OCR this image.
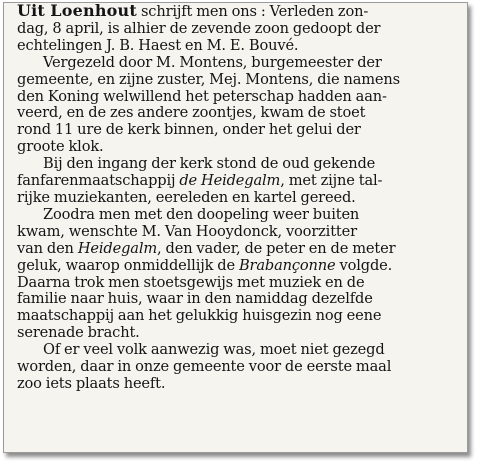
Uit Loenhout schrijft men ons : Verleden zon-
dag, 8 april, is alhier de zevende zoon gedoopt der
echtelingen J. B. Haest en M. E. Bouvé.
Vergezeld door M. Montens, burgemeester der
gemeente, en zijne zuster, Mej. Montens, die namens
den Koning welwillend het peterschap hadden aan-
veerd, en de zes andere zoontjes, kwam de stoet
rond 11 ure de kerk binnen, onder het gelui der
groote klok.
Bij den ingang der kerk stond de oud gekende
fanfarenmaatschappij de Heidegalm, met zijne tal-
rijke muziekanten, eereleden en kartel gereed.
Zoodra men met den doopeling weer buiten
kwam, wenschte M. Van Hooydonck, voorzitter
van den Heidegalm, den vader, de peter en de meter
geluk, waarop onmiddellijk de Brabançonne volgde.
Daarna trok men stoetsgewijs met muziek en de
familie naar huis, waar in den namiddag dezelfde
maatschappij aan het gelukkig huisgezin nog eene
serenade bracht.
Of er veel volk aanwezig was, moet niet gezegd
worden, daar in onze gemeente voor de eerste maal
zoo iets plaats heeft.
